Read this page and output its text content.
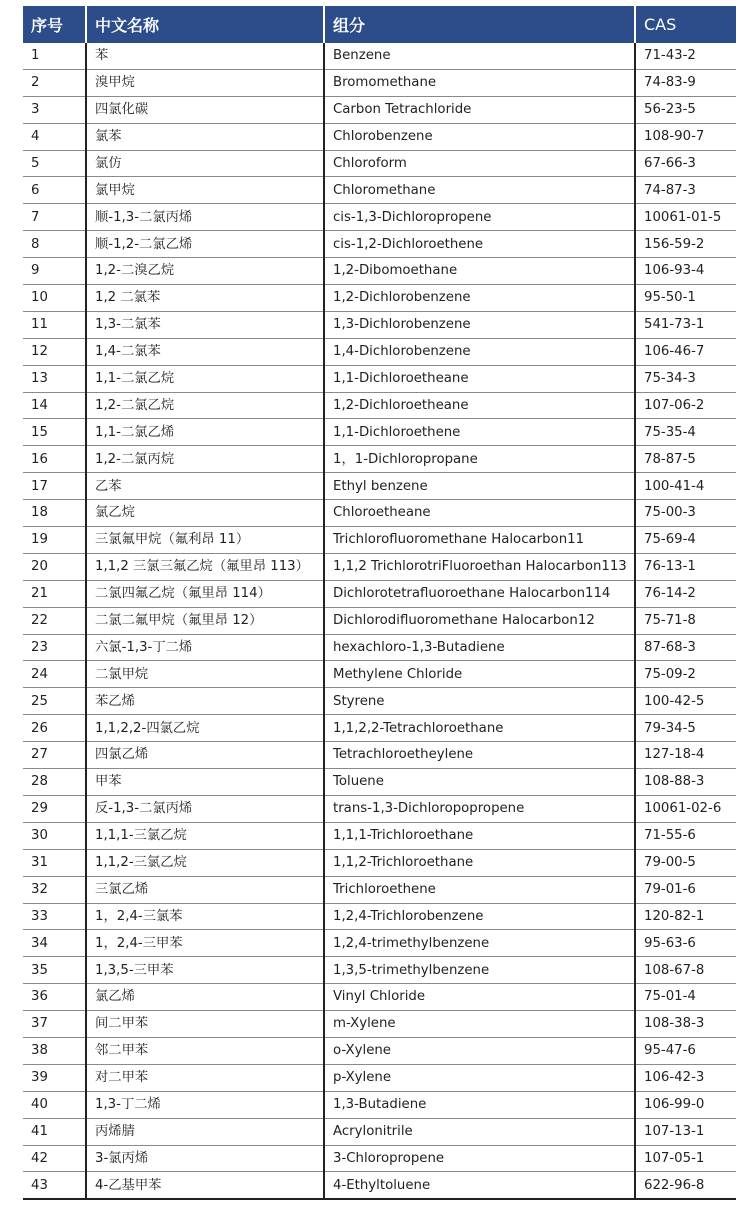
序号	中文名称	组分	CAS
1	苯	Benzene	71-43-2
2	溴甲烷	Bromomethane	74-83-9
3	四氯化碳	Carbon Tetrachloride	56-23-5
4	氯苯	Chlorobenzene	108-90-7
5	氯仿	Chloroform	67-66-3
6	氯甲烷	Chloromethane	74-87-3
7	顺-1,3-二氯丙烯	cis-1,3-Dichloropropene	10061-01-5
8	顺-1,2-二氯乙烯	cis-1,2-Dichloroethene	156-59-2
9	1,2-二溴乙烷	1,2-Dibomoethane	106-93-4
10	1,2 二氯苯	1,2-Dichlorobenzene	95-50-1
11	1,3-二氯苯	1,3-Dichlorobenzene	541-73-1
12	1,4-二氯苯	1,4-Dichlorobenzene	106-46-7
13	1,1-二氯乙烷	1,1-Dichloroetheane	75-34-3
14	1,2-二氯乙烷	1,2-Dichloroetheane	107-06-2
15	1,1-二氯乙烯	1,1-Dichloroethene	75-35-4
16	1,2-二氯丙烷	1，1-Dichloropropane	78-87-5
17	乙苯	Ethyl benzene	100-41-4
18	氯乙烷	Chloroetheane	75-00-3
19	三氯氟甲烷（氟利昂 11）	Trichlorofluoromethane Halocarbon11	75-69-4
20	1,1,2 三氯三氟乙烷（氟里昂 113）	1,1,2 TrichlorotriFluoroethan Halocarbon113	76-13-1
21	二氯四氟乙烷（氟里昂 114）	Dichlorotetrafluoroethane Halocarbon114	76-14-2
22	二氯二氟甲烷（氟里昂 12）	Dichlorodifluoromethane Halocarbon12	75-71-8
23	六氯-1,3-丁二烯	hexachloro-1,3-Butadiene	87-68-3
24	二氯甲烷	Methylene Chloride	75-09-2
25	苯乙烯	Styrene	100-42-5
26	1,1,2,2-四氯乙烷	1,1,2,2-Tetrachloroethane	79-34-5
27	四氯乙烯	Tetrachloroetheylene	127-18-4
28	甲苯	Toluene	108-88-3
29	反-1,3-二氯丙烯	trans-1,3-Dichloropopropene	10061-02-6
30	1,1,1-三氯乙烷	1,1,1-Trichloroethane	71-55-6
31	1,1,2-三氯乙烷	1,1,2-Trichloroethane	79-00-5
32	三氯乙烯	Trichloroethene	79-01-6
33	1，2,4-三氯苯	1,2,4-Trichlorobenzene	120-82-1
34	1，2,4-三甲苯	1,2,4-trimethylbenzene	95-63-6
35	1,3,5-三甲苯	1,3,5-trimethylbenzene	108-67-8
36	氯乙烯	Vinyl Chloride	75-01-4
37	间二甲苯	m-Xylene	108-38-3
38	邻二甲苯	o-Xylene	95-47-6
39	对二甲苯	p-Xylene	106-42-3
40	1,3-丁二烯	1,3-Butadiene	106-99-0
41	丙烯腈	Acrylonitrile	107-13-1
42	3-氯丙烯	3-Chloropropene	107-05-1
43	4-乙基甲苯	4-Ethyltoluene	622-96-8
